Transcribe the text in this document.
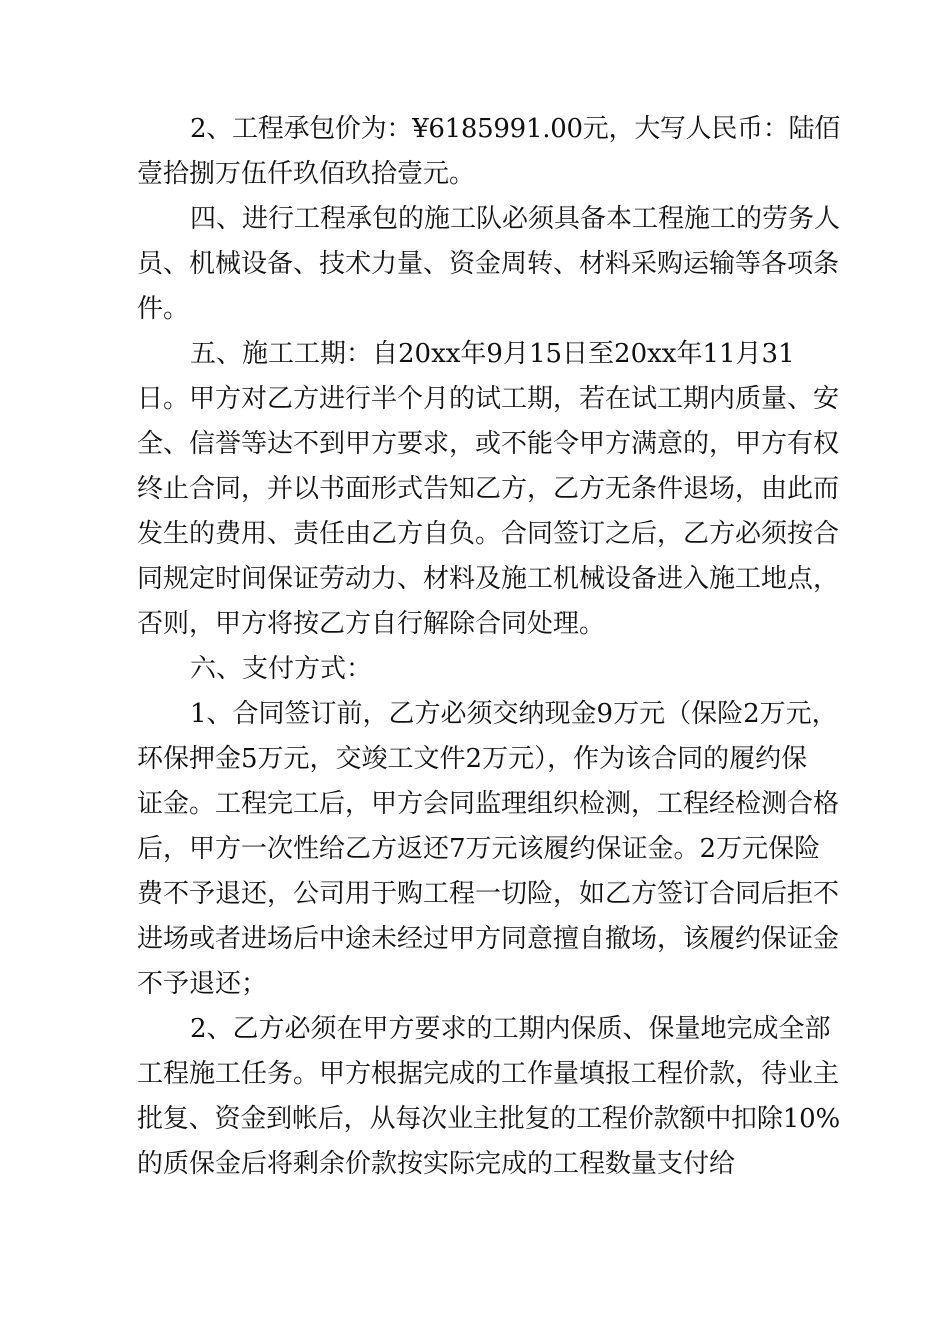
2、工程承包价为：¥6185991.00元，大写人民币：陆佰
壹拾捌万伍仟玖佰玖拾壹元。
四、进行工程承包的施工队必须具备本工程施工的劳务人
员、机械设备、技术力量、资金周转、材料采购运输等各项条
件。
五、施工工期：自20xx年9月15日至20xx年11月31
日。甲方对乙方进行半个月的试工期，若在试工期内质量、安
全、信誉等达不到甲方要求，或不能令甲方满意的，甲方有权
终止合同，并以书面形式告知乙方，乙方无条件退场，由此而
发生的费用、责任由乙方自负。合同签订之后，乙方必须按合
同规定时间保证劳动力、材料及施工机械设备进入施工地点，
否则，甲方将按乙方自行解除合同处理。
六、支付方式：
1、合同签订前，乙方必须交纳现金9万元（保险2万元，
环保押金5万元，交竣工文件2万元），作为该合同的履约保
证金。工程完工后，甲方会同监理组织检测，工程经检测合格
后，甲方一次性给乙方返还7万元该履约保证金。2万元保险
费不予退还，公司用于购工程一切险，如乙方签订合同后拒不
进场或者进场后中途未经过甲方同意擅自撤场，该履约保证金
不予退还；
2、乙方必须在甲方要求的工期内保质、保量地完成全部
工程施工任务。甲方根据完成的工作量填报工程价款，待业主
批复、资金到帐后，从每次业主批复的工程价款额中扣除10%
的质保金后将剩余价款按实际完成的工程数量支付给
